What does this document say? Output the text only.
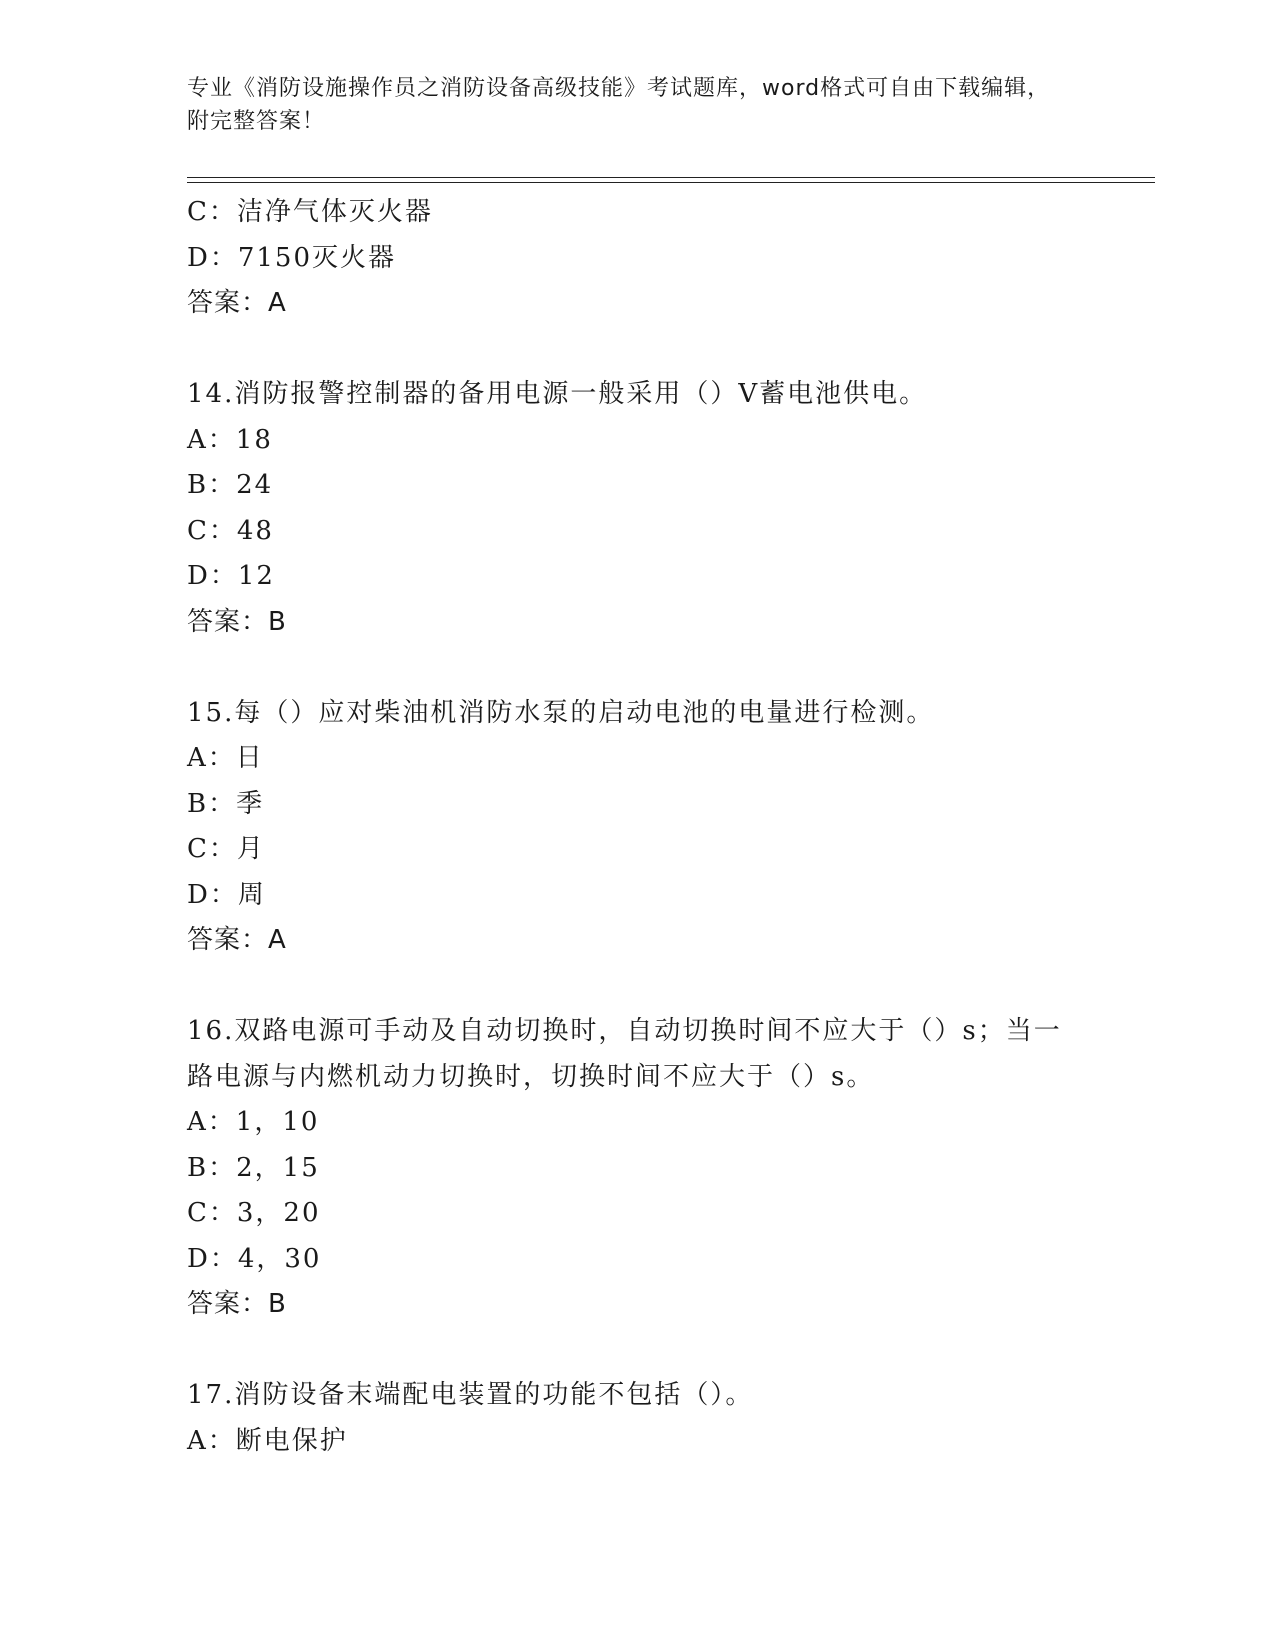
专业《消防设施操作员之消防设备高级技能》考试题库，word格式可自由下载编辑，附完整答案！
C：洁净气体灭火器
D：7150灭火器
答案：A
14.消防报警控制器的备用电源一般采用（）V蓄电池供电。
A：18
B：24
C：48
D：12
答案：B
15.每（）应对柴油机消防水泵的启动电池的电量进行检测。
A：日
B：季
C：月
D：周
答案：A
16.双路电源可手动及自动切换时，自动切换时间不应大于（）s；当一路电源与内燃机动力切换时，切换时间不应大于（）s。
A：1，10
B：2，15
C：3，20
D：4，30
答案：B
17.消防设备末端配电装置的功能不包括（）。
A：断电保护
